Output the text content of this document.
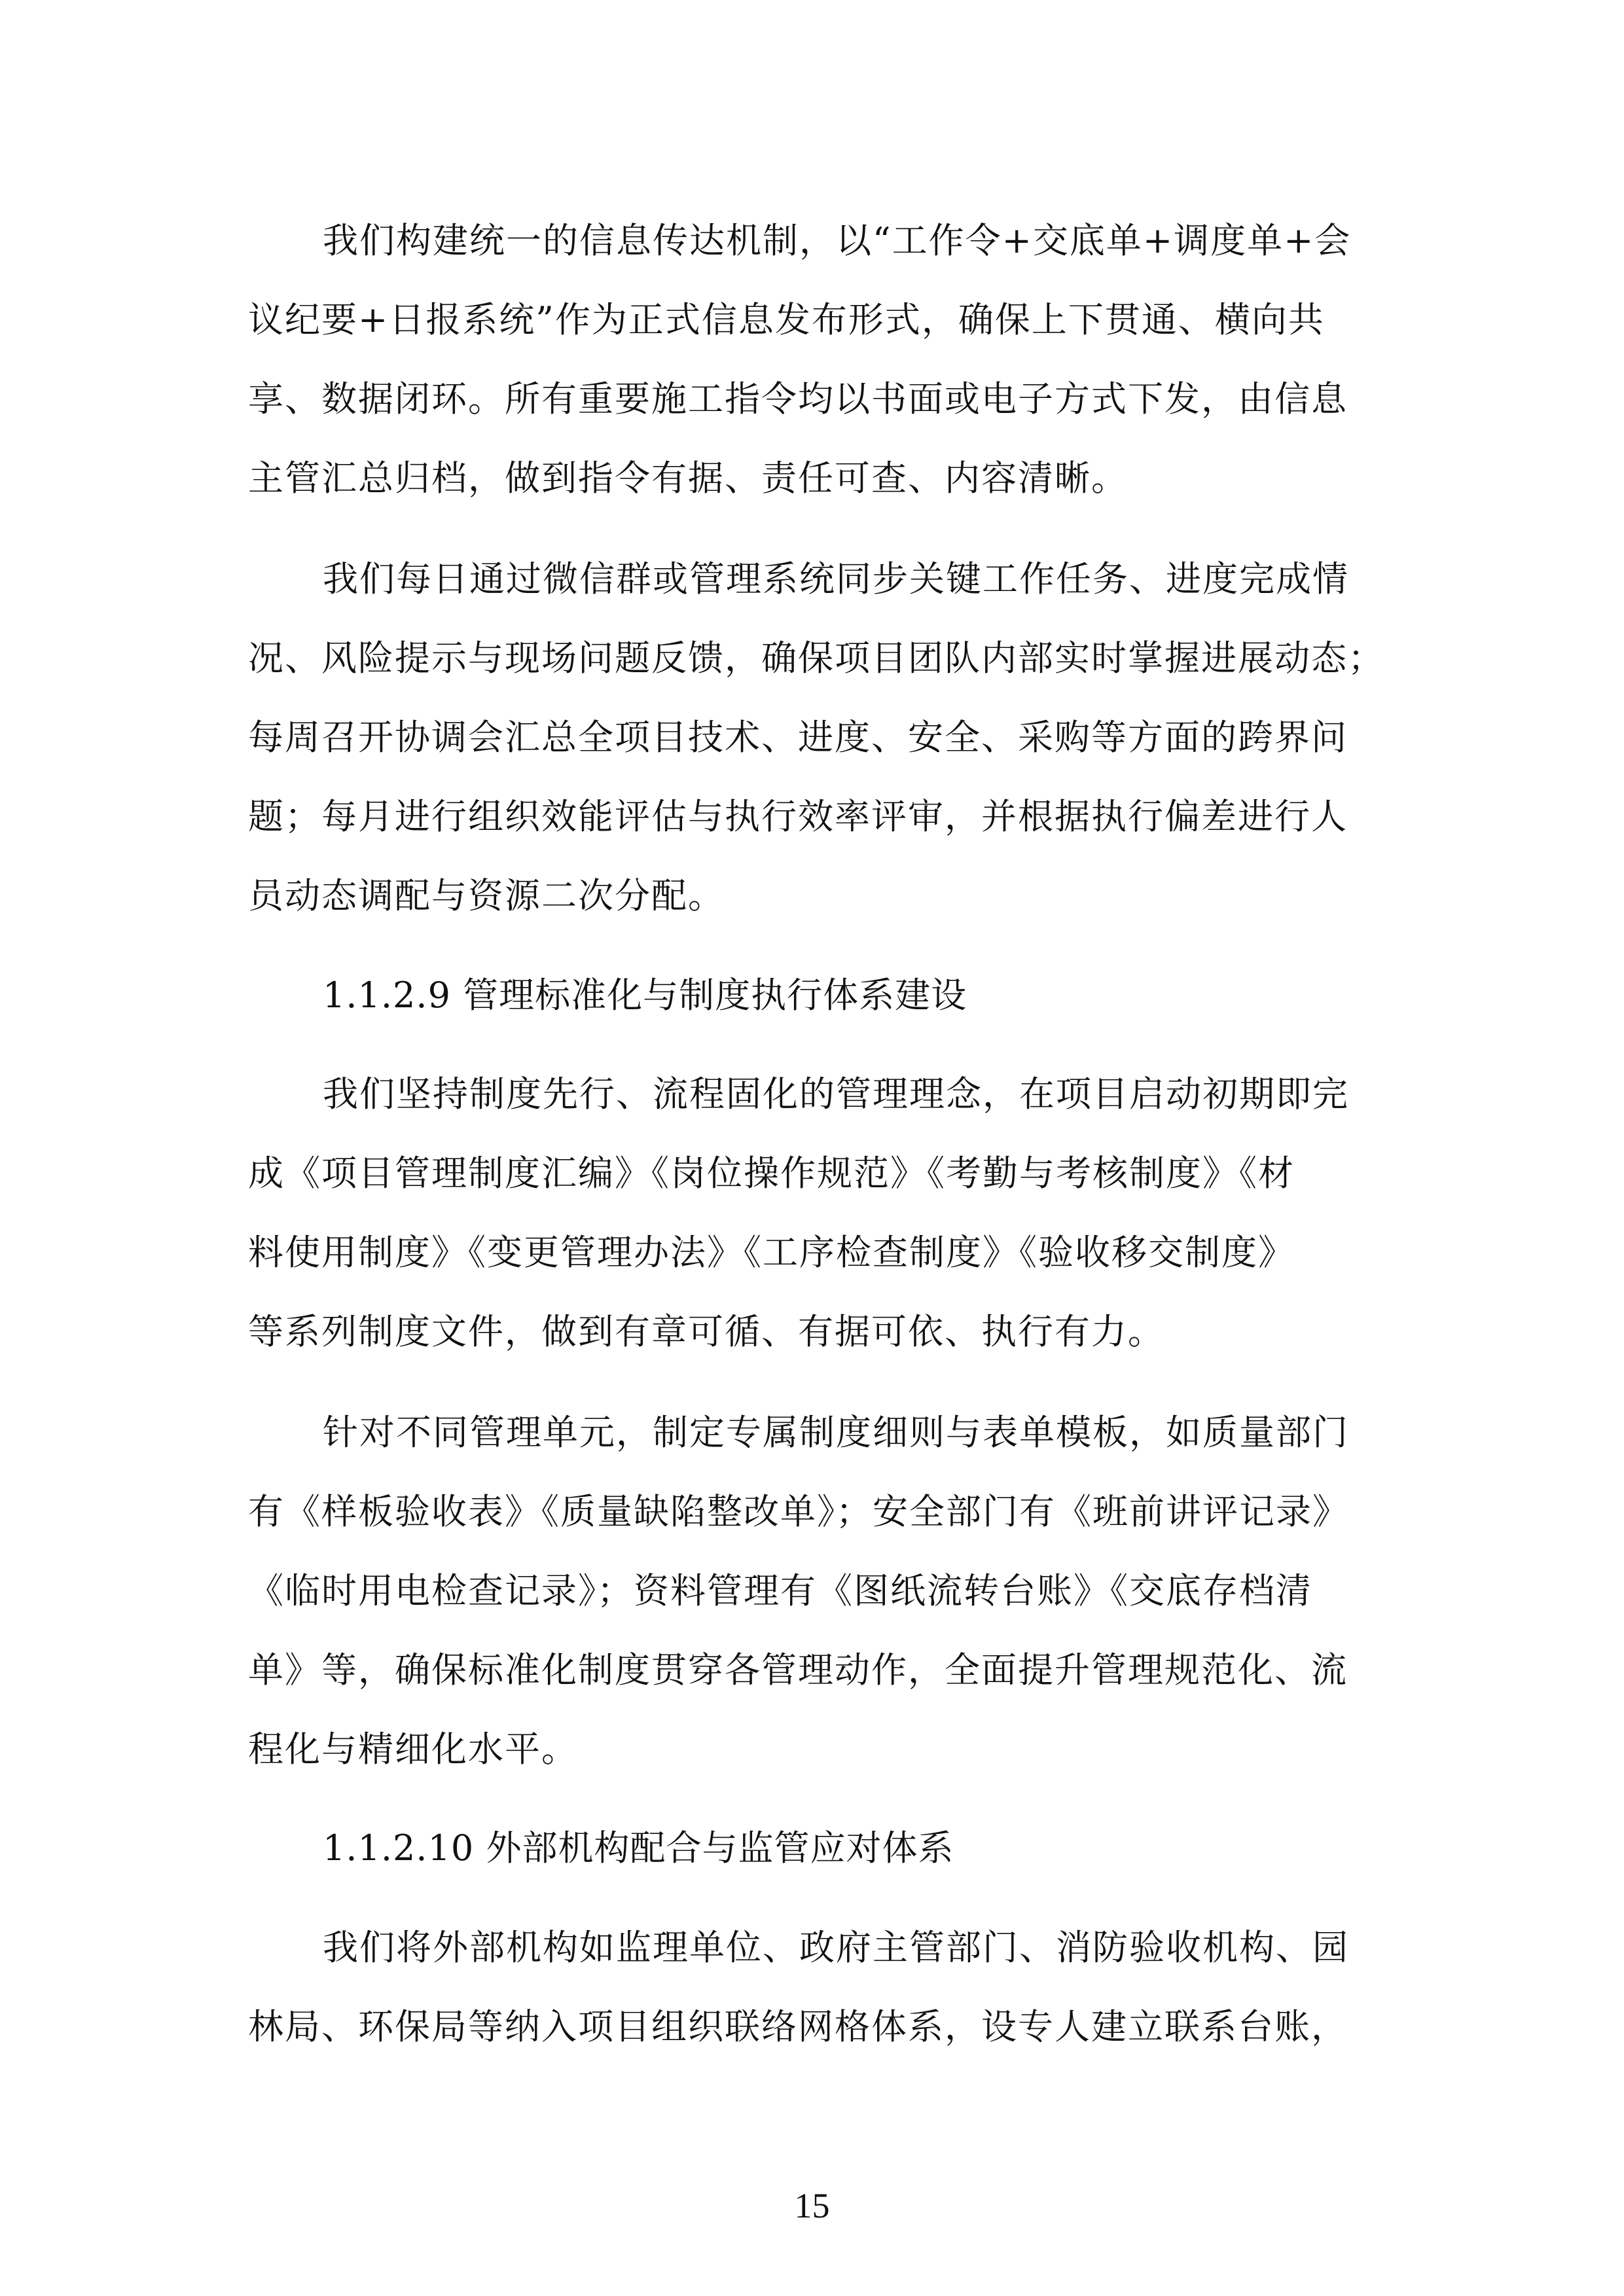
我们构建统一的信息传达机制，以“工作令+交底单+调度单+会
议纪要+日报系统”作为正式信息发布形式，确保上下贯通、横向共
享、数据闭环。所有重要施工指令均以书面或电子方式下发，由信息
主管汇总归档，做到指令有据、责任可查、内容清晰。
我们每日通过微信群或管理系统同步关键工作任务、进度完成情
况、风险提示与现场问题反馈，确保项目团队内部实时掌握进展动态；
每周召开协调会汇总全项目技术、进度、安全、采购等方面的跨界问
题；每月进行组织效能评估与执行效率评审，并根据执行偏差进行人
员动态调配与资源二次分配。
1.1.2.9 管理标准化与制度执行体系建设
我们坚持制度先行、流程固化的管理理念，在项目启动初期即完
成《项目管理制度汇编》《岗位操作规范》《考勤与考核制度》《材
料使用制度》《变更管理办法》《工序检查制度》《验收移交制度》
等系列制度文件，做到有章可循、有据可依、执行有力。
针对不同管理单元，制定专属制度细则与表单模板，如质量部门
有《样板验收表》《质量缺陷整改单》；安全部门有《班前讲评记录》
《临时用电检查记录》；资料管理有《图纸流转台账》《交底存档清
单》等，确保标准化制度贯穿各管理动作，全面提升管理规范化、流
程化与精细化水平。
1.1.2.10 外部机构配合与监管应对体系
我们将外部机构如监理单位、政府主管部门、消防验收机构、园
林局、环保局等纳入项目组织联络网格体系，设专人建立联系台账，
15
